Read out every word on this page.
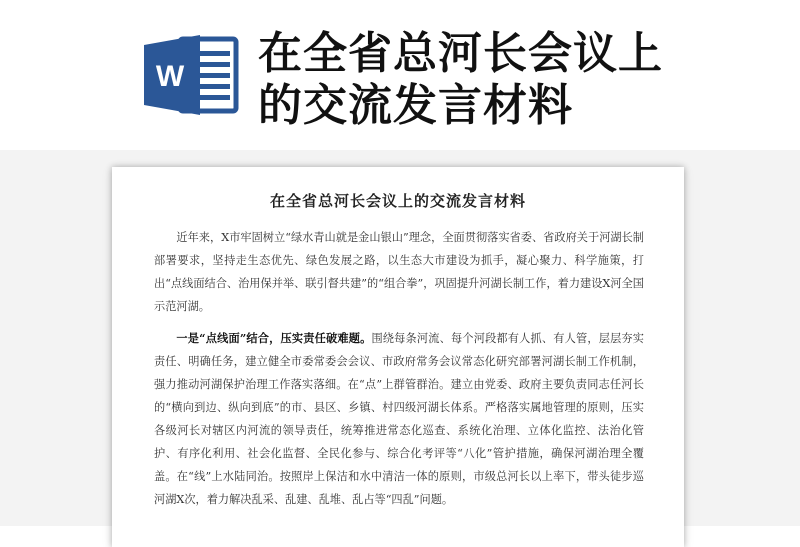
W 在全省总河长会议上
的交流发言材料
在全省总河长会议上的交流发言材料

近年来，X市牢固树立“绿水青山就是金山银山”理念，全面贯彻落实省委、省政府关于河湖长制部署要求，坚持走生态优先、绿色发展之路，以生态大市建设为抓手，凝心聚力、科学施策，打出“点线面结合、治用保并举、联引督共建”的“组合拳”，巩固提升河湖长制工作，着力建设X河全国示范河湖。

一是“点线面”结合，压实责任破难题。围绕每条河流、每个河段都有人抓、有人管，层层夯实责任、明确任务，建立健全市委常委会会议、市政府常务会议常态化研究部署河湖长制工作机制，强力推动河湖保护治理工作落实落细。在“点”上群管群治。建立由党委、政府主要负责同志任河长的“横向到边、纵向到底”的市、县区、乡镇、村四级河湖长体系。严格落实属地管理的原则，压实各级河长对辖区内河流的领导责任，统筹推进常态化巡查、系统化治理、立体化监控、法治化管护、有序化利用、社会化监督、全民化参与、综合化考评等“八化”管护措施，确保河湖治理全覆盖。在“线”上水陆同治。按照岸上保洁和水中清洁一体的原则，市级总河长以上率下，带头徒步巡河湖X次，着力解决乱采、乱建、乱堆、乱占等“四乱”问题。
